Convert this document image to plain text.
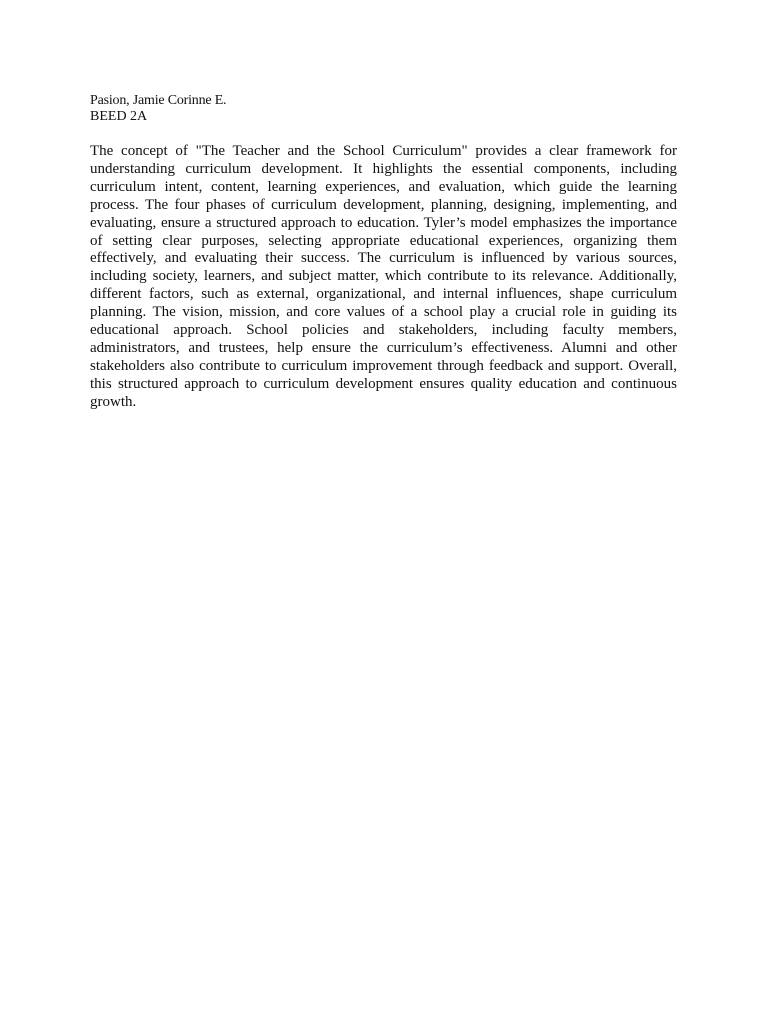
Pasion, Jamie Corinne E.

BEED 2A

The concept of "The Teacher and the School Curriculum" provides a clear framework for understanding curriculum development. It highlights the essential components, including curriculum intent, content, learning experiences, and evaluation, which guide the learning process. The four phases of curriculum development, planning, designing, implementing, and evaluating, ensure a structured approach to education. Tyler’s model emphasizes the importance of setting clear purposes, selecting appropriate educational experiences, organizing them effectively, and evaluating their success. The curriculum is influenced by various sources, including society, learners, and subject matter, which contribute to its relevance. Additionally, different factors, such as external, organizational, and internal influences, shape curriculum planning. The vision, mission, and core values of a school play a crucial role in guiding its educational approach. School policies and stakeholders, including faculty members, administrators, and trustees, help ensure the curriculum’s effectiveness. Alumni and other stakeholders also contribute to curriculum improvement through feedback and support. Overall, this structured approach to curriculum development ensures quality education and continuous growth.
